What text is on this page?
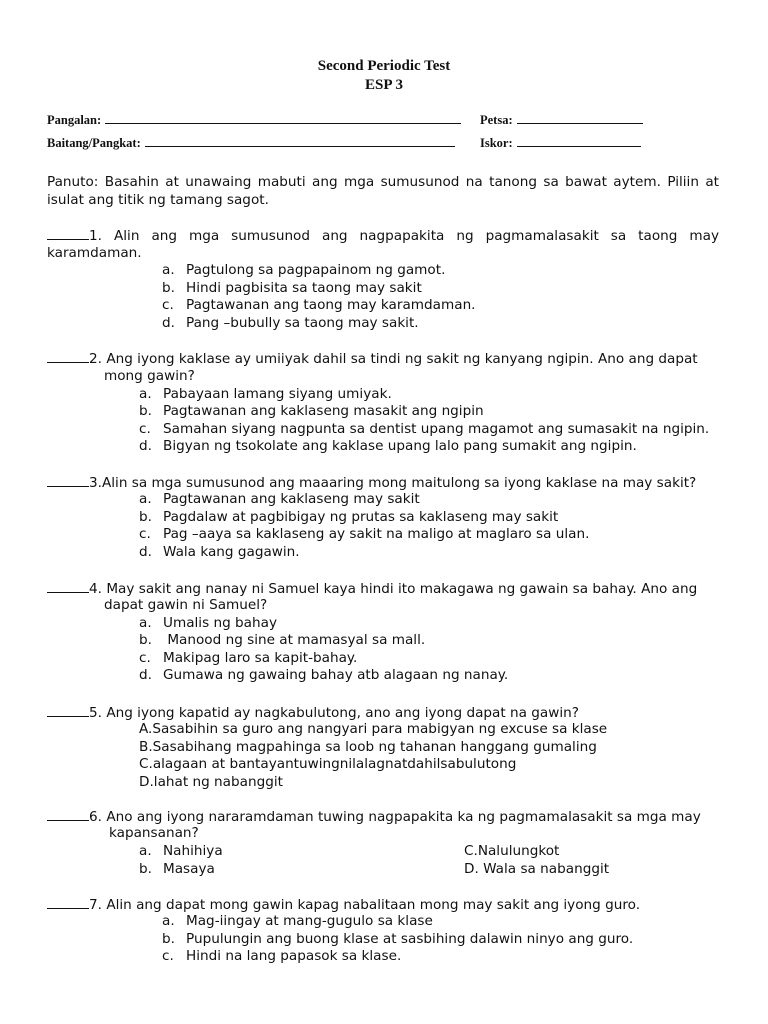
Second Periodic Test
ESP 3
Pangalan:	Petsa:
Baitang/Pangkat:	Iskor:
Panuto: Basahin at unawaing mabuti ang mga sumusunod na tanong sa bawat aytem. Piliin at
isulat ang titik ng tamang sagot.
1. Alin ang mga sumusunod ang nagpapakita ng pagmamalasakit sa taong may
karamdaman.
a. Pagtulong sa pagpapainom ng gamot.
b. Hindi pagbisita sa taong may sakit
c. Pagtawanan ang taong may karamdaman.
d. Pang –bubully sa taong may sakit.
2. Ang iyong kaklase ay umiiyak dahil sa tindi ng sakit ng kanyang ngipin. Ano ang dapat
mong gawin?
a. Pabayaan lamang siyang umiyak.
b. Pagtawanan ang kaklaseng masakit ang ngipin
c. Samahan siyang nagpunta sa dentist upang magamot ang sumasakit na ngipin.
d. Bigyan ng tsokolate ang kaklase upang lalo pang sumakit ang ngipin.
3.Alin sa mga sumusunod ang maaaring mong maitulong sa iyong kaklase na may sakit?
a. Pagtawanan ang kaklaseng may sakit
b. Pagdalaw at pagbibigay ng prutas sa kaklaseng may sakit
c. Pag –aaya sa kaklaseng ay sakit na maligo at maglaro sa ulan.
d. Wala kang gagawin.
4. May sakit ang nanay ni Samuel kaya hindi ito makagawa ng gawain sa bahay. Ano ang
dapat gawin ni Samuel?
a. Umalis ng bahay
b. Manood ng sine at mamasyal sa mall.
c. Makipag laro sa kapit-bahay.
d. Gumawa ng gawaing bahay atb alagaan ng nanay.
5. Ang iyong kapatid ay nagkabulutong, ano ang iyong dapat na gawin?
A.Sasabihin sa guro ang nangyari para mabigyan ng excuse sa klase
B.Sasabihang magpahinga sa loob ng tahanan hanggang gumaling
C.alagaan at bantayantuwingnilalagnatdahilsabulutong
D.lahat ng nabanggit
6. Ano ang iyong nararamdaman tuwing nagpapakita ka ng pagmamalasakit sa mga may
kapansanan?
a. Nahihiya	C.Nalulungkot
b. Masaya	D. Wala sa nabanggit
7. Alin ang dapat mong gawin kapag nabalitaan mong may sakit ang iyong guro.
a. Mag-iingay at mang-gugulo sa klase
b. Pupulungin ang buong klase at sasbihing dalawin ninyo ang guro.
c. Hindi na lang papasok sa klase.
